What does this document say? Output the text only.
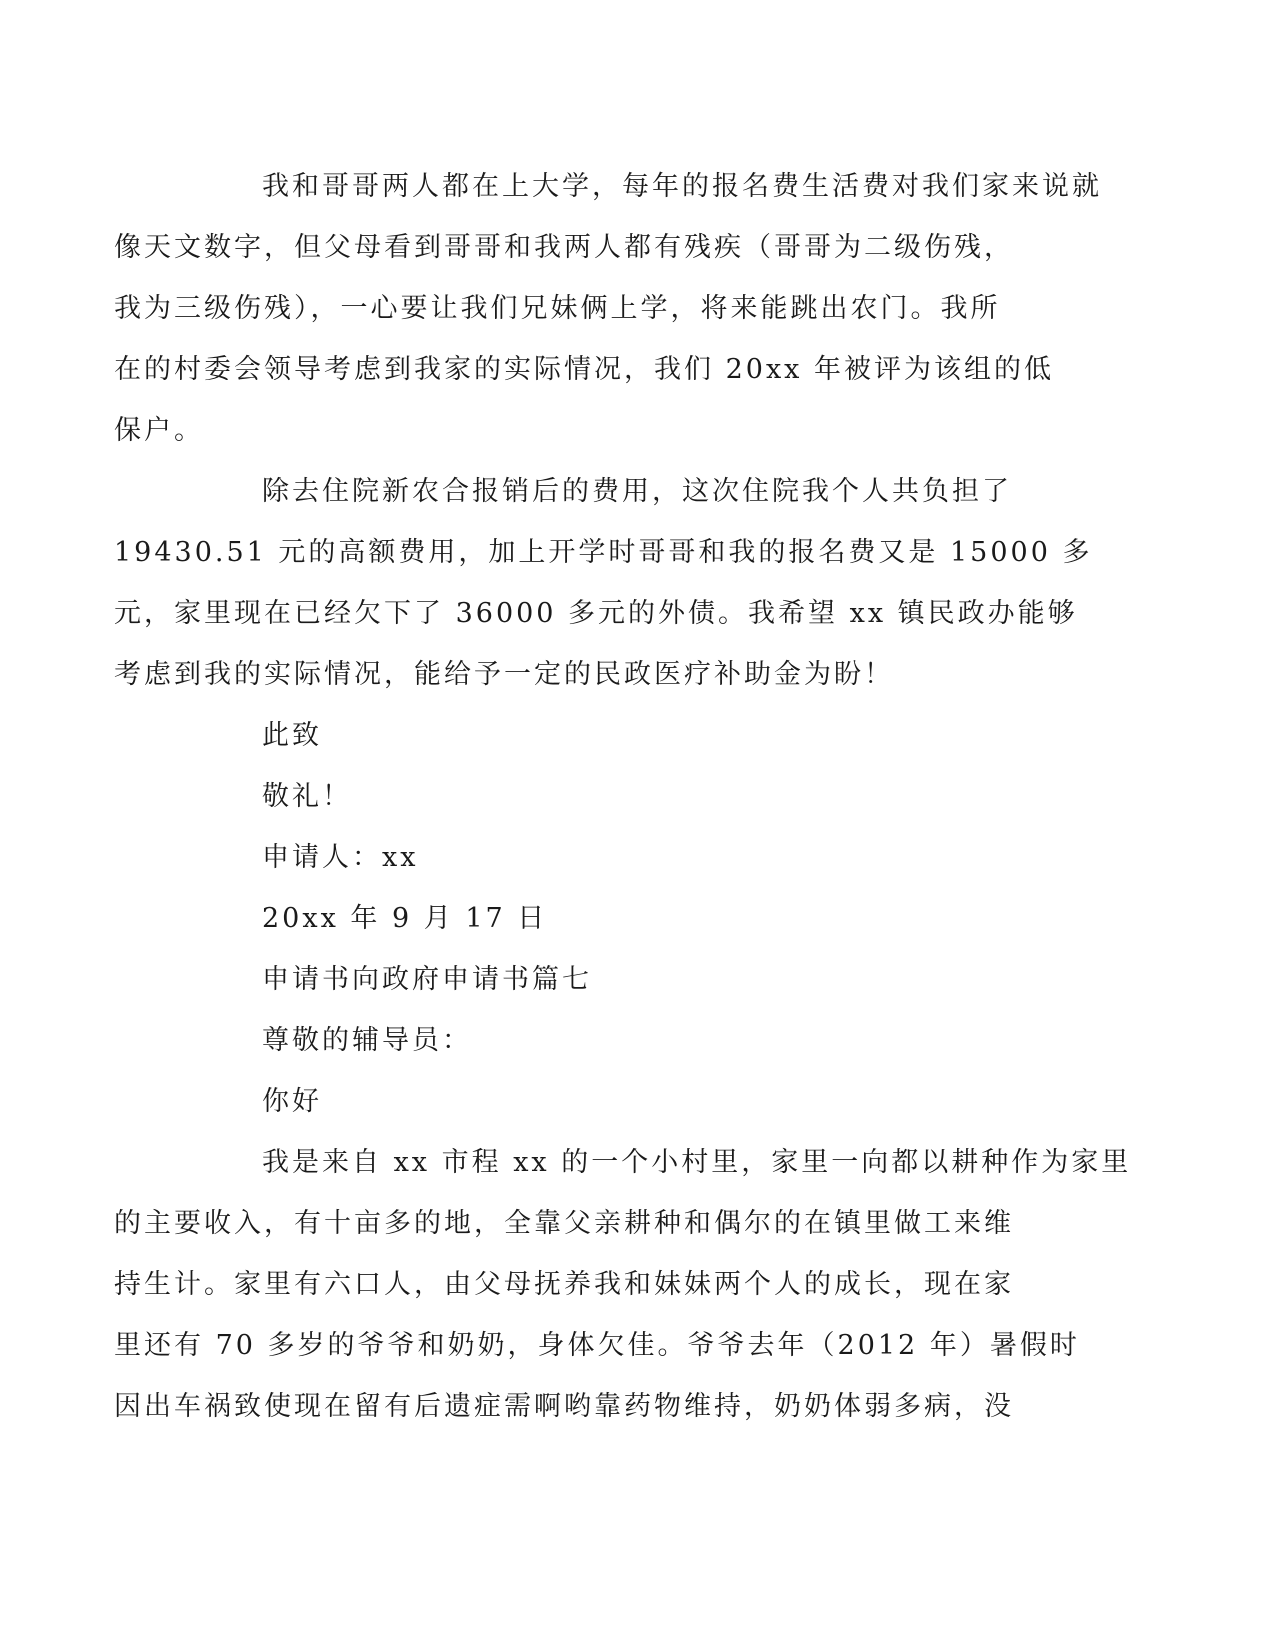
我和哥哥两人都在上大学，每年的报名费生活费对我们家来说就
像天文数字，但父母看到哥哥和我两人都有残疾（哥哥为二级伤残，
我为三级伤残），一心要让我们兄妹俩上学，将来能跳出农门。我所
在的村委会领导考虑到我家的实际情况，我们 20xx 年被评为该组的低
保户。
除去住院新农合报销后的费用，这次住院我个人共负担了
19430.51 元的高额费用，加上开学时哥哥和我的报名费又是 15000 多
元，家里现在已经欠下了 36000 多元的外债。我希望 xx 镇民政办能够
考虑到我的实际情况，能给予一定的民政医疗补助金为盼！

此致

敬礼！

申请人：xx

20xx 年 9 月 17 日

申请书向政府申请书篇七

尊敬的辅导员：

你好

我是来自 xx 市程 xx 的一个小村里，家里一向都以耕种作为家里
的主要收入，有十亩多的地，全靠父亲耕种和偶尔的在镇里做工来维
持生计。家里有六口人，由父母抚养我和妹妹两个人的成长，现在家
里还有 70 多岁的爷爷和奶奶，身体欠佳。爷爷去年（2012 年）暑假时
因出车祸致使现在留有后遗症需啊哟靠药物维持，奶奶体弱多病，没
